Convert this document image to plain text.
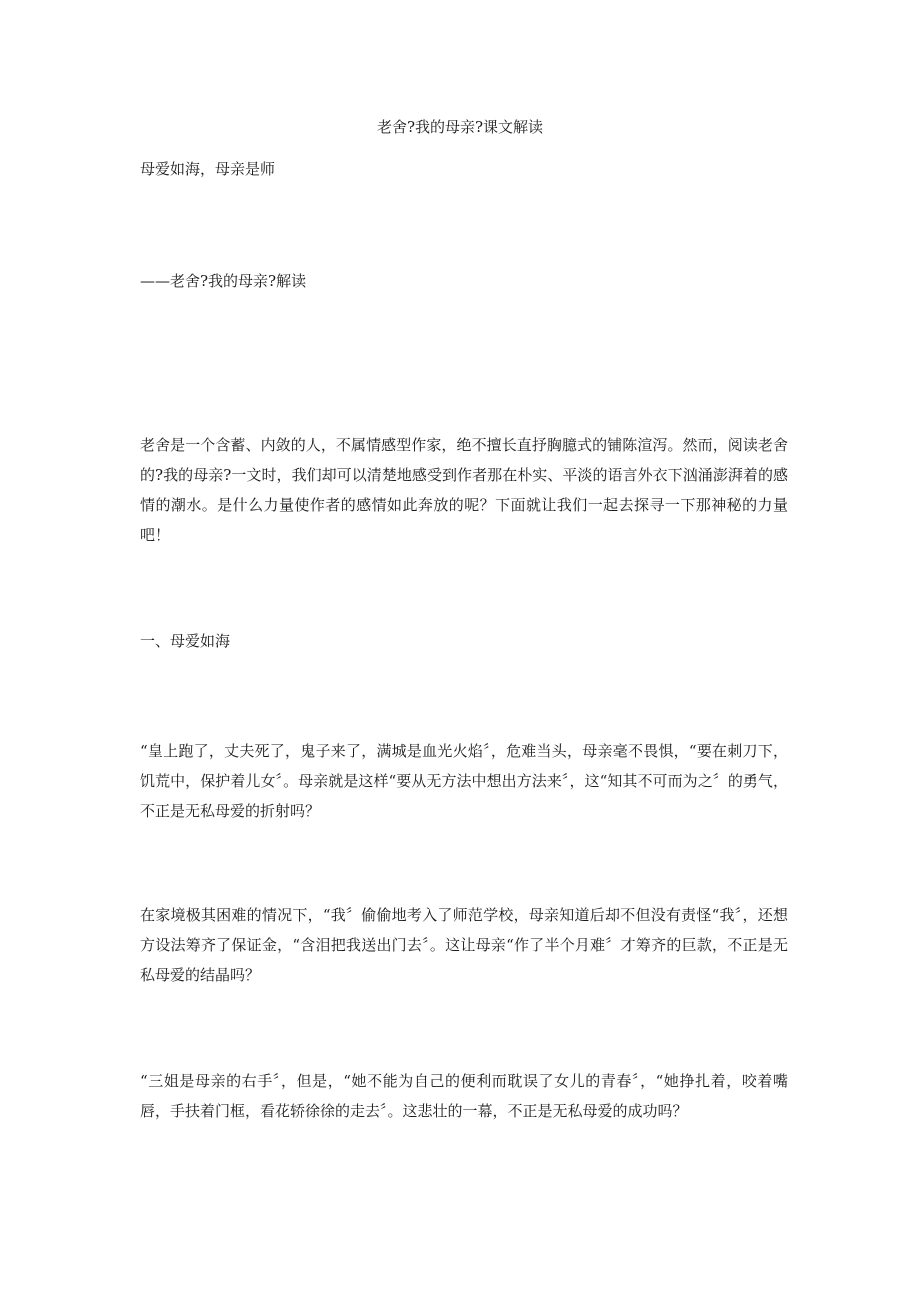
老舍?我的母亲?课文解读

母爱如海，母亲是师

——老舍?我的母亲?解读

老舍是一个含蓄、内敛的人，不属情感型作家，绝不擅长直抒胸臆式的铺陈渲泻。然而，阅读老舍的?我的母亲?一文时，我们却可以清楚地感受到作者那在朴实、平淡的语言外衣下汹涌澎湃着的感情的潮水。是什么力量使作者的感情如此奔放的呢？下面就让我们一起去探寻一下那神秘的力量吧！

一、母爱如海

“皇上跑了，丈夫死了，鬼子来了，满城是血光火焰〞，危难当头，母亲毫不畏惧，“要在刺刀下，饥荒中，保护着儿女〞。母亲就是这样“要从无方法中想出方法来〞，这“知其不可而为之〞的勇气，不正是无私母爱的折射吗？

在家境极其困难的情况下，“我〞偷偷地考入了师范学校，母亲知道后却不但没有责怪“我〞，还想方设法筹齐了保证金，“含泪把我送出门去〞。这让母亲“作了半个月难〞才筹齐的巨款，不正是无私母爱的结晶吗？

“三姐是母亲的右手〞，但是，“她不能为自己的便利而耽误了女儿的青春〞，“她挣扎着，咬着嘴唇，手扶着门框，看花轿徐徐的走去〞。这悲壮的一幕，不正是无私母爱的成功吗？
